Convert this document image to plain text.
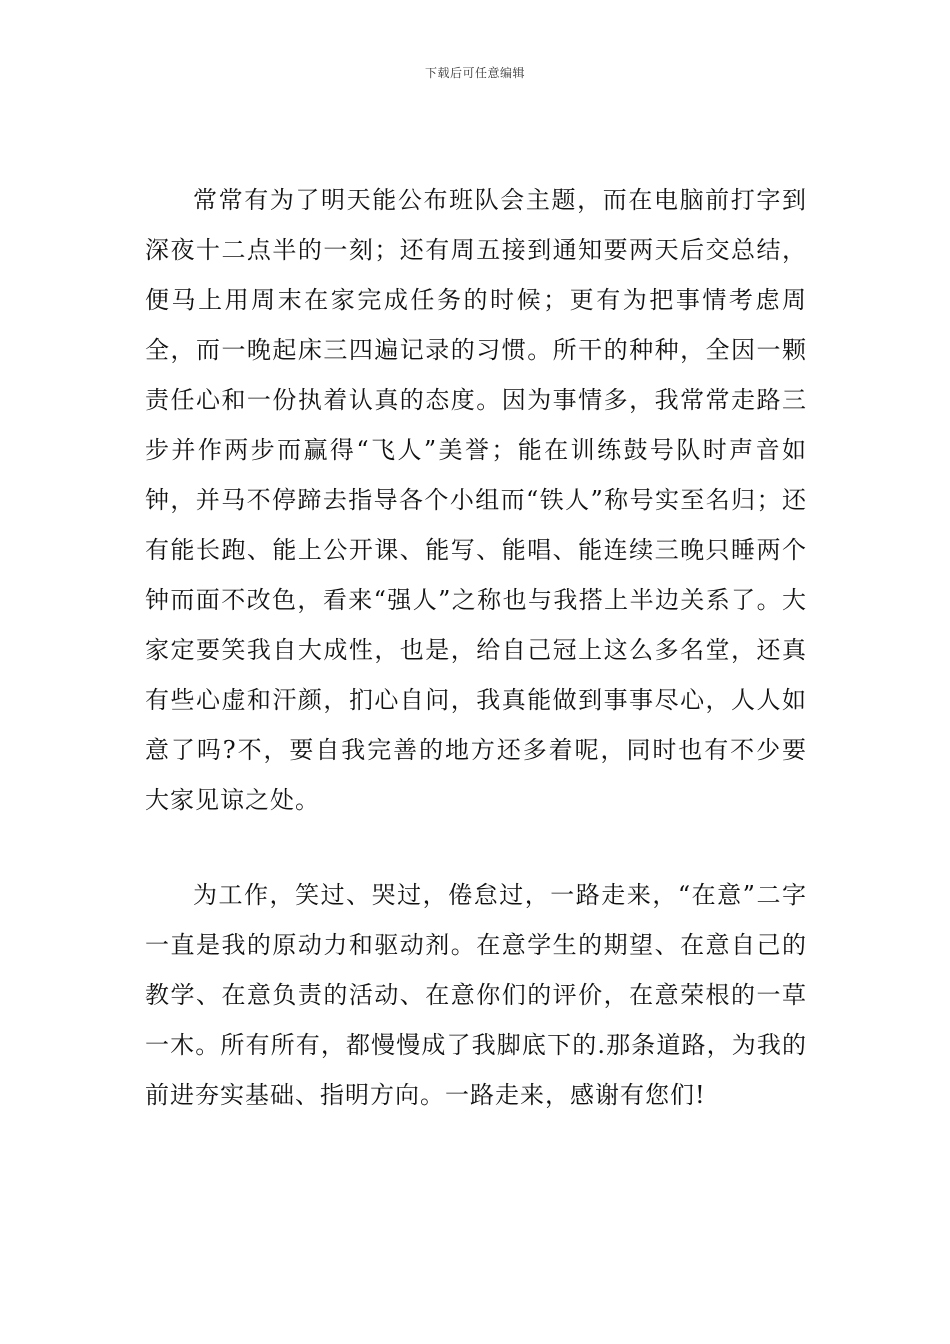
下载后可任意编辑

常常有为了明天能公布班队会主题，而在电脑前打字到深夜十二点半的一刻；还有周五接到通知要两天后交总结，便马上用周末在家完成任务的时候；更有为把事情考虑周全，而一晚起床三四遍记录的习惯。所干的种种，全因一颗责任心和一份执着认真的态度。因为事情多，我常常走路三步并作两步而赢得“飞人”美誉；能在训练鼓号队时声音如钟，并马不停蹄去指导各个小组而“铁人”称号实至名归；还有能长跑、能上公开课、能写、能唱、能连续三晚只睡两个钟而面不改色，看来“强人”之称也与我搭上半边关系了。大家定要笑我自大成性，也是，给自己冠上这么多名堂，还真有些心虚和汗颜，扪心自问，我真能做到事事尽心，人人如意了吗?不，要自我完善的地方还多着呢，同时也有不少要大家见谅之处。

为工作，笑过、哭过，倦怠过，一路走来，“在意”二字一直是我的原动力和驱动剂。在意学生的期望、在意自己的教学、在意负责的活动、在意你们的评价，在意荣根的一草一木。所有所有，都慢慢成了我脚底下的.那条道路，为我的前进夯实基础、指明方向。一路走来，感谢有您们!
